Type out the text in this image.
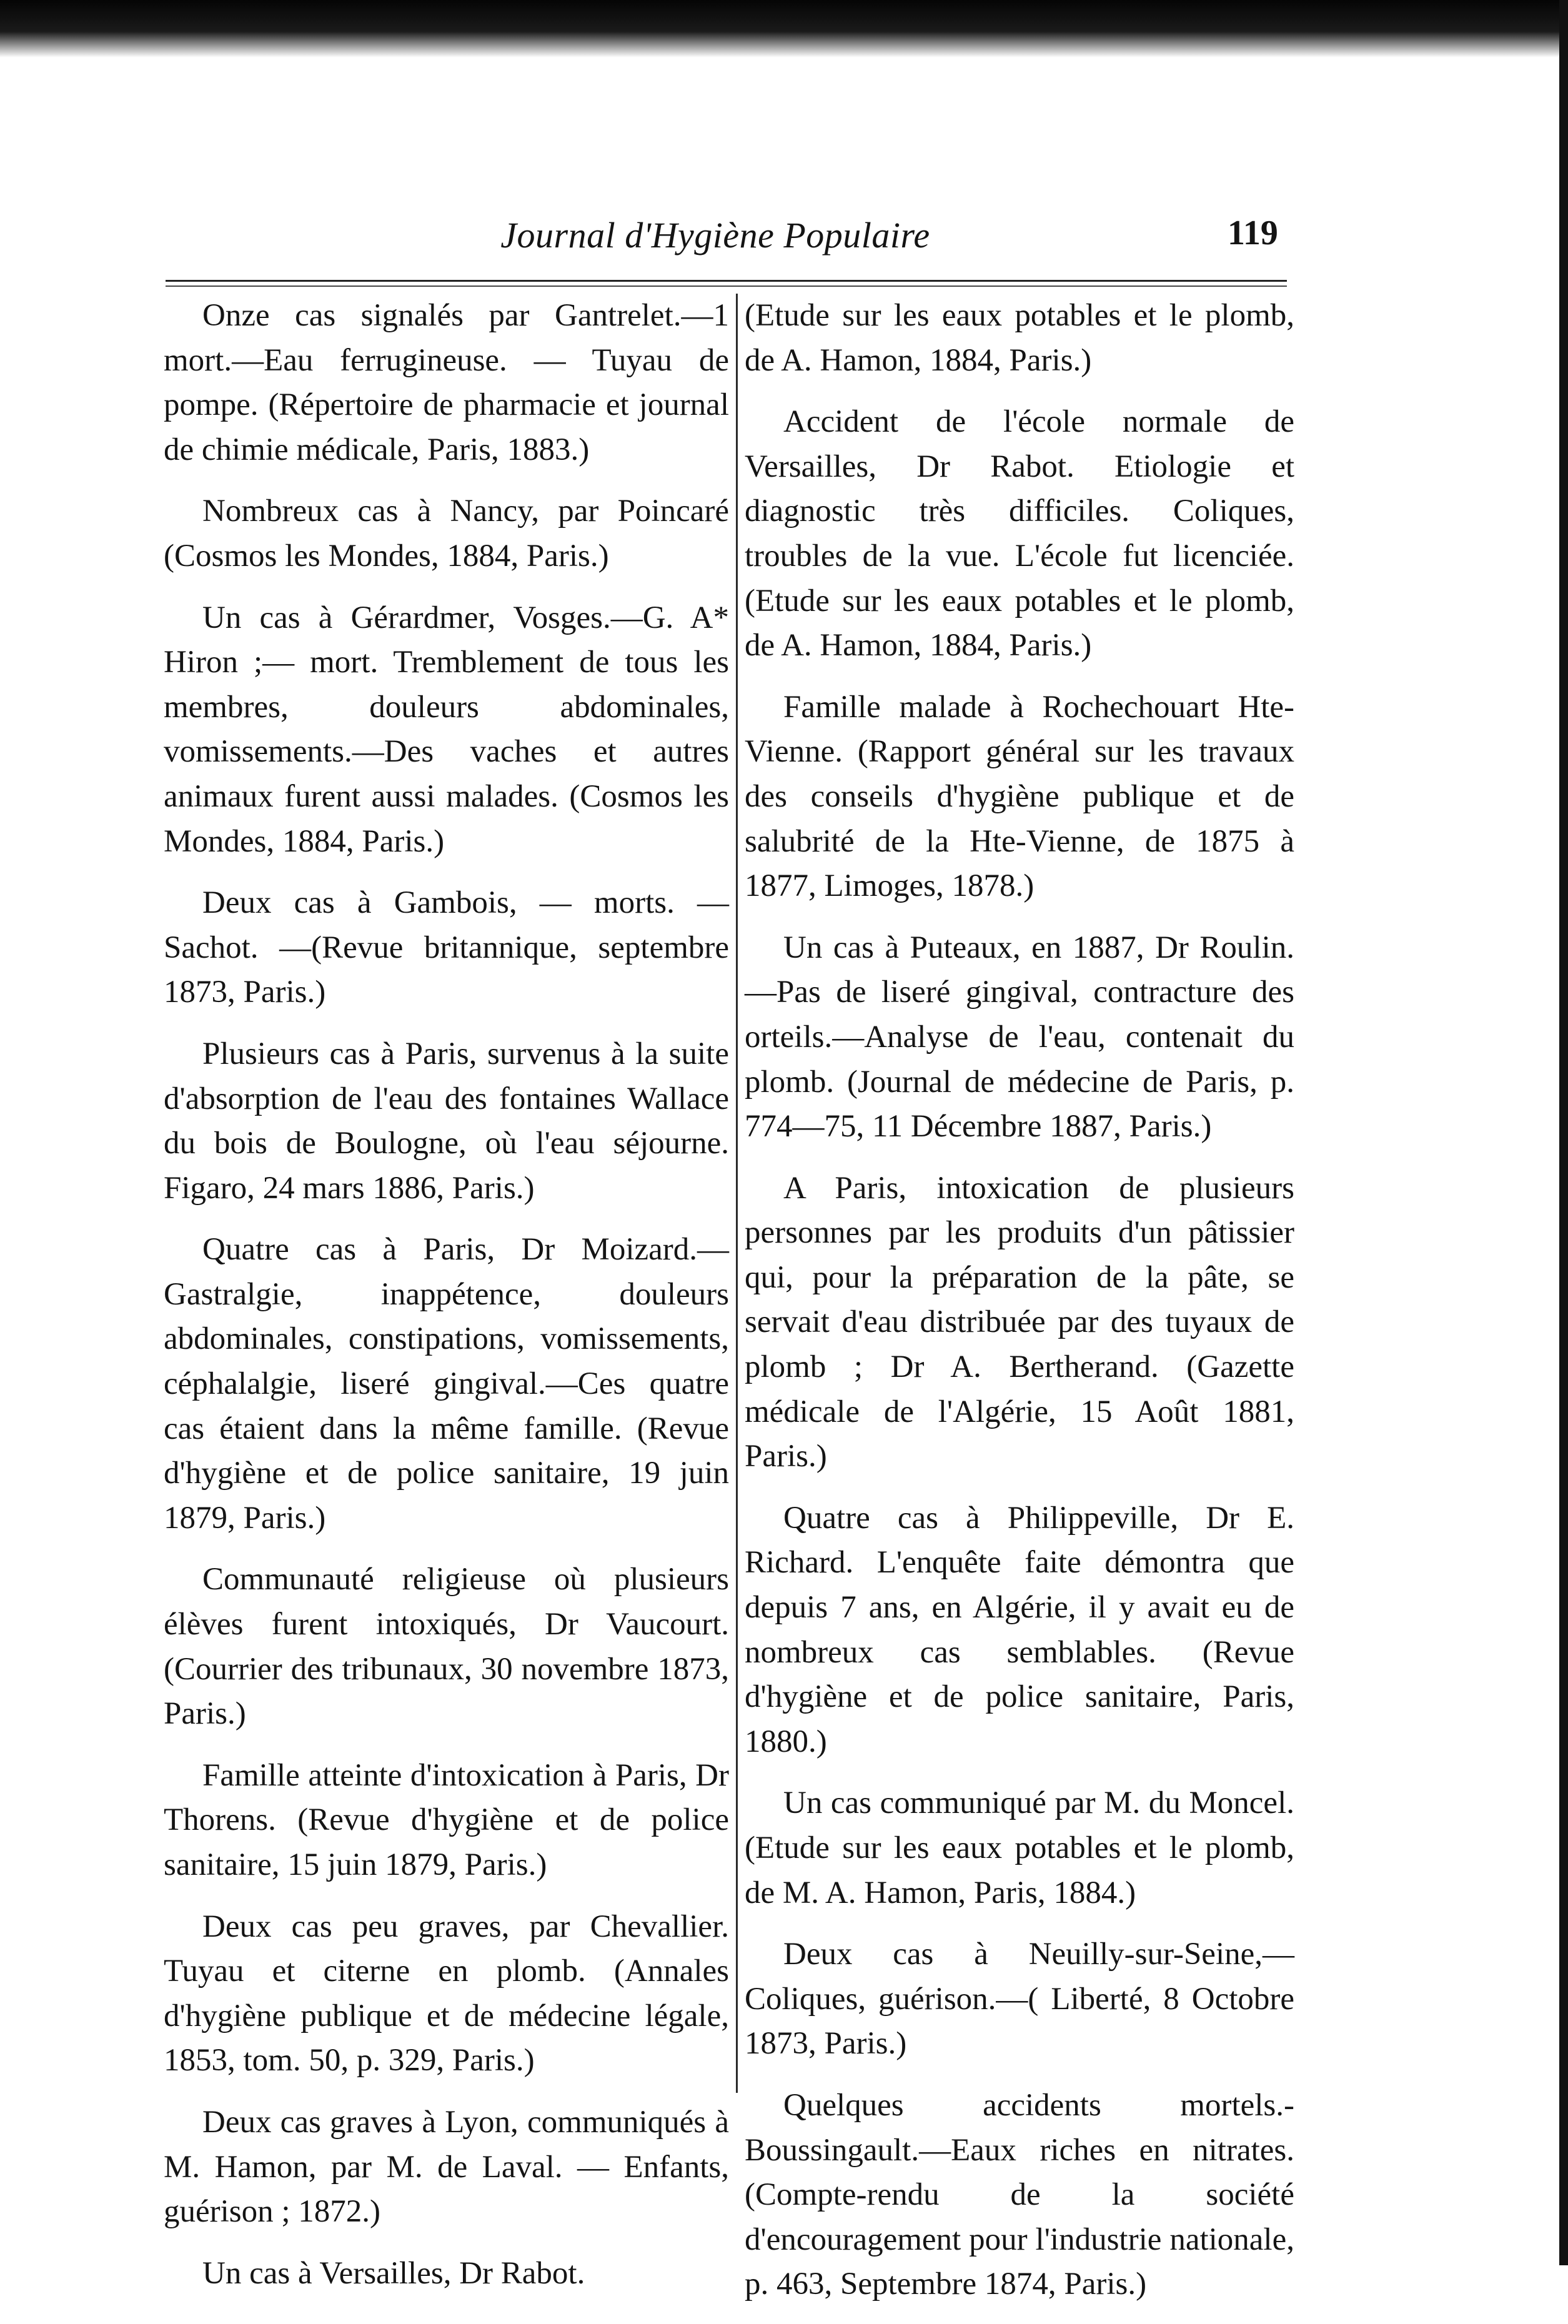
Journal d'Hygiène Populaire	119

Onze cas signalés par Gantrelet.—1 mort.—Eau ferrugineuse. — Tuyau de pompe. (Répertoire de pharmacie et journal de chimie médicale, Paris, 1883.)

Nombreux cas à Nancy, par Poincaré (Cosmos les Mondes, 1884, Paris.)

Un cas à Gérardmer, Vosges.—G. A* Hiron ;— mort. Tremblement de tous les membres, douleurs abdominales, vomissements.—Des vaches et autres animaux furent aussi malades. (Cosmos les Mondes, 1884, Paris.)

Deux cas à Gambois, — morts. — Sachot. —(Revue britannique, septembre 1873, Paris.)

Plusieurs cas à Paris, survenus à la suite d'absorption de l'eau des fontaines Wallace du bois de Boulogne, où l'eau séjourne. Figaro, 24 mars 1886, Paris.)

Quatre cas à Paris, Dr Moizard.—Gastralgie, inappétence, douleurs abdominales, constipations, vomissements, céphalalgie, liseré gingival.—Ces quatre cas étaient dans la même famille. (Revue d'hygiène et de police sanitaire, 19 juin 1879, Paris.)

Communauté religieuse où plusieurs élèves furent intoxiqués, Dr Vaucourt. (Courrier des tribunaux, 30 novembre 1873, Paris.)

Famille atteinte d'intoxication à Paris, Dr Thorens. (Revue d'hygiène et de police sanitaire, 15 juin 1879, Paris.)

Deux cas peu graves, par Chevallier. Tuyau et citerne en plomb. (Annales d'hygiène publique et de médecine légale, 1853, tom. 50, p. 329, Paris.)

Deux cas graves à Lyon, communiqués à M. Hamon, par M. de Laval. — Enfants, guérison ; 1872.)

Un cas à Versailles, Dr Rabot.

(Etude sur les eaux potables et le plomb, de A. Hamon, 1884, Paris.)

Accident de l'école normale de Versailles, Dr Rabot. Etiologie et diagnostic très difficiles. Coliques, troubles de la vue. L'école fut licenciée. (Etude sur les eaux potables et le plomb, de A. Hamon, 1884, Paris.)

Famille malade à Rochechouart Hte-Vienne. (Rapport général sur les travaux des conseils d'hygiène publique et de salubrité de la Hte-Vienne, de 1875 à 1877, Limoges, 1878.)

Un cas à Puteaux, en 1887, Dr Roulin.—Pas de liseré gingival, contracture des orteils.—Analyse de l'eau, contenait du plomb. (Journal de médecine de Paris, p. 774—75, 11 Décembre 1887, Paris.)

A Paris, intoxication de plusieurs personnes par les produits d'un pâtissier qui, pour la préparation de la pâte, se servait d'eau distribuée par des tuyaux de plomb ; Dr A. Bertherand. (Gazette médicale de l'Algérie, 15 Août 1881, Paris.)

Quatre cas à Philippeville, Dr E. Richard. L'enquête faite démontra que depuis 7 ans, en Algérie, il y avait eu de nombreux cas semblables. (Revue d'hygiène et de police sanitaire, Paris, 1880.)

Un cas communiqué par M. du Moncel. (Etude sur les eaux potables et le plomb, de M. A. Hamon, Paris, 1884.)

Deux cas à Neuilly-sur-Seine,— Coliques, guérison.—( Liberté, 8 Octobre 1873, Paris.)

Quelques accidents mortels.- Boussingault.—Eaux riches en nitrates. (Compte-rendu de la société d'encouragement pour l'industrie nationale, p. 463, Septembre 1874, Paris.)
